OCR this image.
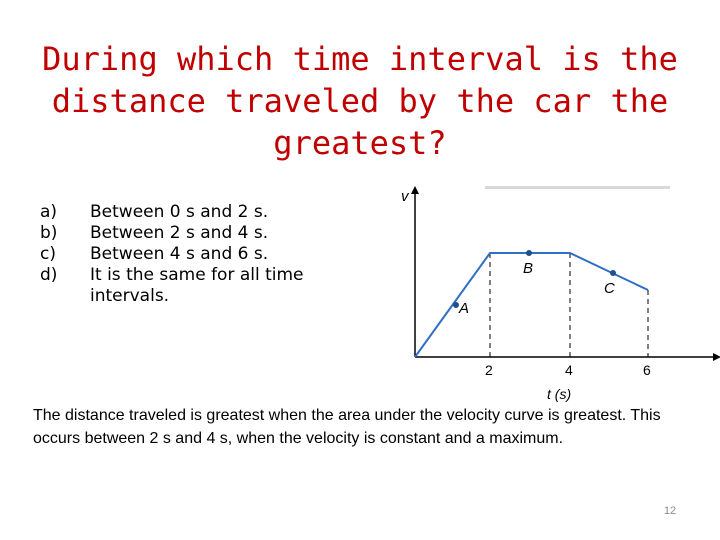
During which time interval is the distance traveled by the car the greatest?
a)	Between 0 s and 2 s.
b)	Between 2 s and 4 s.
c)	Between 4 s and 6 s.
d)	It is the same for all time intervals.
A
B
C
v
2	4	6
t (s)
The distance traveled is greatest when the area under the velocity curve is greatest. This occurs between 2 s and 4 s, when the velocity is constant and a maximum.
12
